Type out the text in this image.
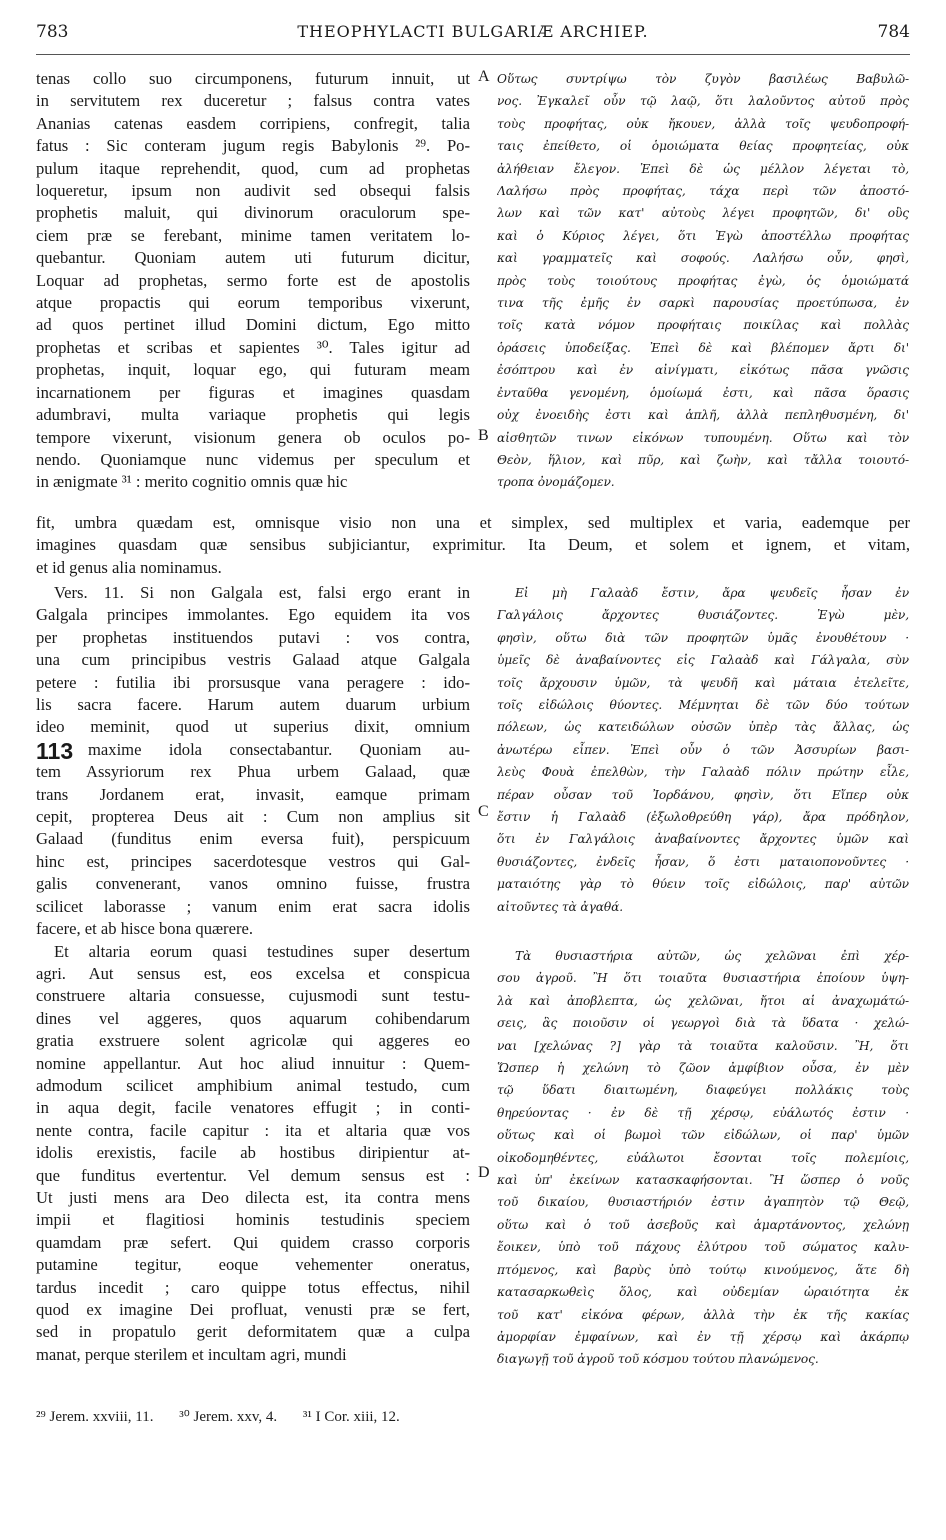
783	THEOPHYLACTI BULGARIÆ ARCHIEP.	784
tenas collo suo circumponens, futurum innuit, ut
in servitutem rex duceretur ; falsus contra vates
Ananias catenas easdem corripiens, confregit, talia
fatus : Sic conteram jugum regis Babylonis ²⁹. Po-
pulum itaque reprehendit, quod, cum ad prophetas
loqueretur, ipsum non audivit sed obsequi falsis
prophetis maluit, qui divinorum oraculorum spe-
ciem præ se ferebant, minime tamen veritatem lo-
quebantur. Quoniam autem uti futurum dicitur,
Loquar ad prophetas, sermo forte est de apostolis
atque propactis qui eorum temporibus vixerunt,
ad quos pertinet illud Domini dictum, Ego mitto
prophetas et scribas et sapientes ³⁰. Tales igitur ad
prophetas, inquit, loquar ego, qui futuram meam
incarnationem per figuras et imagines quasdam
adumbravi, multa variaque prophetis qui legis
tempore vixerunt, visionum genera ob oculos po-
nendo. Quoniamque nunc videmus per speculum et
in ænigmate ³¹ : merito cognitio omnis quæ hic
Οὕτως συντρίψω τὸν ζυγὸν βασιλέως Βαβυλῶ-
νος. Ἐγκαλεῖ οὖν τῷ λαῷ, ὅτι λαλοῦντος αὐτοῦ πρὸς
τοὺς προφήτας, οὐκ ἤκουεν, ἀλλὰ τοῖς ψευδοπροφή-
ταις ἐπείθετο, οἱ ὁμοιώματα θείας προφητείας, οὐκ
ἀλήθειαν ἔλεγον. Ἐπεὶ δὲ ὡς μέλλον λέγεται τὸ,
Λαλήσω πρὸς προφήτας, τάχα περὶ τῶν ἀποστό-
λων καὶ τῶν κατ' αὐτοὺς λέγει προφητῶν, δι' οὓς
καὶ ὁ Κύριος λέγει, ὅτι Ἐγὼ ἀποστέλλω προφήτας
καὶ γραμματεῖς καὶ σοφούς. Λαλήσω οὖν, φησὶ,
πρὸς τοὺς τοιούτους προφήτας ἐγὼ, ὁς ὁμοιώματά
τινα τῆς ἐμῆς ἐν σαρκὶ παρουσίας προετύπωσα, ἐν
τοῖς κατὰ νόμον προφήταις ποικίλας καὶ πολλὰς
ὁράσεις ὑποδείξας. Ἐπεὶ δὲ καὶ βλέπομεν ἄρτι δι'
ἐσόπτρου καὶ ἐν αἰνίγματι, εἰκότως πᾶσα γνῶσις
ἐνταῦθα γενομένη, ὁμοίωμά ἐστι, καὶ πᾶσα ὅρασις
οὐχ ἐνοειδὴς ἐστι καὶ ἁπλῆ, ἀλλὰ πεπληθυσμένη, δι'
αἰσθητῶν τινων εἰκόνων τυπουμένη. Οὕτω καὶ τὸν
Θεὸν, ἥλιον, καὶ πῦρ, καὶ ζωὴν, καὶ τἄλλα τοιουτό-
τροπα ὀνομάζομεν.
fit, umbra quædam est, omnisque visio non una et simplex, sed multiplex et varia, eademque per
imagines quasdam quæ sensibus subjiciantur, exprimitur. Ita Deum, et solem et ignem, et vitam,
et id genus alia nominamus.
Vers. 11. Si non Galgala est, falsi ergo erant in
Galgala principes immolantes. Ego equidem ita vos
per prophetas instituendos putavi : vos contra,
una cum principibus vestris Galaad atque Galgala
petere : futilia ibi prorsusque vana peragere : ido-
lis sacra facere. Harum autem duarum urbium
ideo meminit, quod ut superius dixit, omnium
maxime idola consectabantur. Quoniam au-
tem Assyriorum rex Phua urbem Galaad, quæ
trans Jordanem erat, invasit, eamque primam
cepit, propterea Deus ait : Cum non amplius sit
Galaad (funditus enim eversa fuit), perspicuum
hinc est, principes sacerdotesque vestros qui Gal-
galis convenerant, vanos omnino fuisse, frustra
scilicet laborasse ; vanum enim erat sacra idolis
facere, et ab hisce bona quærere.
Et altaria eorum quasi testudines super desertum
agri. Aut sensus est, eos excelsa et conspicua
construere altaria consuesse, cujusmodi sunt testu-
dines vel aggeres, quos aquarum cohibendarum
gratia exstruere solent agricolæ qui aggeres eo
nomine appellantur. Aut hoc aliud innuitur : Quem-
admodum scilicet amphibium animal testudo, cum
in aqua degit, facile venatores effugit ; in conti-
nente contra, facile capitur : ita et altaria quæ vos
idolis erexistis, facile ab hostibus diripientur at-
que funditus evertentur. Vel demum sensus est :
Ut justi mens ara Deo dilecta est, ita contra mens
impii et flagitiosi hominis testudinis speciem
quamdam præ sefert. Qui quidem crasso corporis
putamine tegitur, eoque vehementer oneratus,
tardus incedit ; caro quippe totus effectus, nihil
quod ex imagine Dei profluat, venusti præ se fert,
sed in propatulo gerit deformitatem quæ a culpa
manat, perque sterilem et incultam agri, mundi
Εἰ μὴ Γαλαὰδ ἔστιν, ἄρα ψευδεῖς ἦσαν ἐν
Γαλγάλοις ἄρχοντες θυσιάζοντες. Ἐγὼ μὲν,
φησὶν, οὕτω διὰ τῶν προφητῶν ὑμᾶς ἐνουθέτουν ·
ὑμεῖς δὲ ἀναβαίνοντες εἰς Γαλαὰδ καὶ Γάλγαλα, σὺν
τοῖς ἄρχουσιν ὑμῶν, τὰ ψευδῆ καὶ μάταια ἐτελεῖτε,
τοῖς εἰδώλοις θύοντες. Μέμνηται δὲ τῶν δύο τούτων
πόλεων, ὡς κατειδώλων οὐσῶν ὑπὲρ τὰς ἄλλας, ὡς
ἀνωτέρω εἶπεν. Ἐπεὶ οὖν ὁ τῶν Ἀσσυρίων βασι-
λεὺς Φουὰ ἐπελθὼν, τὴν Γαλαὰδ πόλιν πρώτην εἶλε,
πέραν οὖσαν τοῦ Ἰορδάνου, φησὶν, ὅτι Εἴπερ οὐκ
ἔστιν ἡ Γαλαὰδ (ἐξωλοθρεύθη γάρ), ἄρα πρόδηλον,
ὅτι ἐν Γαλγάλοις ἀναβαίνοντες ἄρχοντες ὑμῶν καὶ
θυσιάζοντες, ἐνδεῖς ἦσαν, ὅ ἐστι ματαιοπονοῦντες ·
ματαιότης γὰρ τὸ θύειν τοῖς εἰδώλοις, παρ' αὐτῶν
αἰτοῦντες τὰ ἀγαθά.
Τὰ θυσιαστήρια αὐτῶν, ὡς χελῶναι ἐπὶ χέρ-
σου ἀγροῦ. Ἢ ὅτι τοιαῦτα θυσιαστήρια ἐποίουν ὑψη-
λὰ καὶ ἀποβλεπτα, ὡς χελῶναι, ἤτοι αἱ ἀναχωμάτώ-
σεις, ἃς ποιοῦσιν οἱ γεωργοὶ διὰ τὰ ὕδατα · χελώ-
ναι [χελώνας ?] γὰρ τὰ τοιαῦτα καλοῦσιν. Ἢ, ὅτι
Ὥσπερ ἡ χελώνη τὸ ζῶον ἀμφίβιον οὖσα, ἐν μὲν
τῷ ὕδατι διαιτωμένη, διαφεύγει πολλάκις τοὺς
θηρεύοντας · ἐν δὲ τῇ χέρσῳ, εὐάλωτός ἐστιν ·
οὕτως καὶ οἱ βωμοὶ τῶν εἰδώλων, οἱ παρ' ὑμῶν
οἰκοδομηθέντες, εὐάλωτοι ἔσονται τοῖς πολεμίοις,
καὶ ὑπ' ἐκείνων κατασκαφήσονται. Ἢ ὥσπερ ὁ νοῦς
τοῦ δικαίου, θυσιαστήριόν ἐστιν ἀγαπητὸν τῷ Θεῷ,
οὕτω καὶ ὁ τοῦ ἀσεβοῦς καὶ ἁμαρτάνοντος, χελώνῃ
ἔοικεν, ὑπὸ τοῦ πάχους ἐλύτρου τοῦ σώματος καλυ-
πτόμενος, καὶ βαρὺς ὑπὸ τούτῳ κινούμενος, ἅτε δὴ
κατασαρκωθεὶς ὅλος, καὶ οὐδεμίαν ὡραιότητα ἐκ
τοῦ κατ' εἰκόνα φέρων, ἀλλὰ τὴν ἐκ τῆς κακίας
ἀμορφίαν ἐμφαίνων, καὶ ἐν τῇ χέρσῳ καὶ ἀκάρπῳ
διαγωγῇ τοῦ ἀγροῦ τοῦ κόσμου τούτου πλανώμενος.
A
B
C
D
113
²⁹ Jerem. xxviii, 11. ³⁰ Jerem. xxv, 4. ³¹ I Cor. xiii, 12.
